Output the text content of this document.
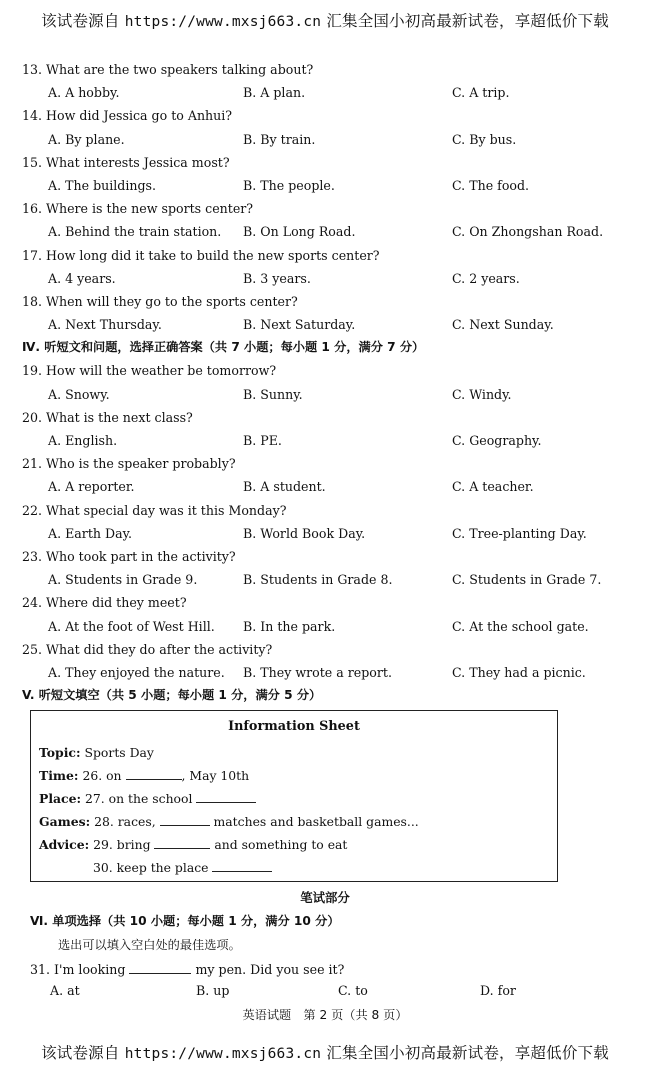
该试卷源自 https://www.mxsj663.cn 汇集全国小初高最新试卷，享超低价下载
13. What are the two speakers talking about?
A. A hobby.	B. A plan.	C. A trip.
14. How did Jessica go to Anhui?
A. By plane.	B. By train.	C. By bus.
15. What interests Jessica most?
A. The buildings.	B. The people.	C. The food.
16. Where is the new sports center?
A. Behind the train station. B. On Long Road.	C. On Zhongshan Road.
17. How long did it take to build the new sports center?
A. 4 years.	B. 3 years.	C. 2 years.
18. When will they go to the sports center?
A. Next Thursday.	B. Next Saturday.	C. Next Sunday.
Ⅳ. 听短文和问题，选择正确答案（共 7 小题；每小题 1 分，满分 7 分）
19. How will the weather be tomorrow?
A. Snowy.	B. Sunny.	C. Windy.
20. What is the next class?
A. English.	B. PE.	C. Geography.
21. Who is the speaker probably?
A. A reporter.	B. A student.	C. A teacher.
22. What special day was it this Monday?
A. Earth Day.	B. World Book Day.	C. Tree-planting Day.
23. Who took part in the activity?
A. Students in Grade 9.	B. Students in Grade 8.	C. Students in Grade 7.
24. Where did they meet?
A. At the foot of West Hill. B. In the park.	C. At the school gate.
25. What did they do after the activity?
A. They enjoyed the nature. B. They wrote a report.	C. They had a picnic.
V. 听短文填空（共 5 小题；每小题 1 分，满分 5 分）
Information Sheet
Topic: Sports Day
Time: 26. on	, May 10th
Place: 27. on the school
Games: 28. races,	matches and basketball games...
Advice: 29. bring	and something to eat
30. keep the place
笔试部分
Ⅵ. 单项选择（共 10 小题；每小题 1 分，满分 10 分）
选出可以填入空白处的最佳选项。
31. I'm looking	my pen. Did you see it?
A. at	B. up	C. to	D. for
英语试题　第 2 页（共 8 页）
该试卷源自 https://www.mxsj663.cn 汇集全国小初高最新试卷，享超低价下载
